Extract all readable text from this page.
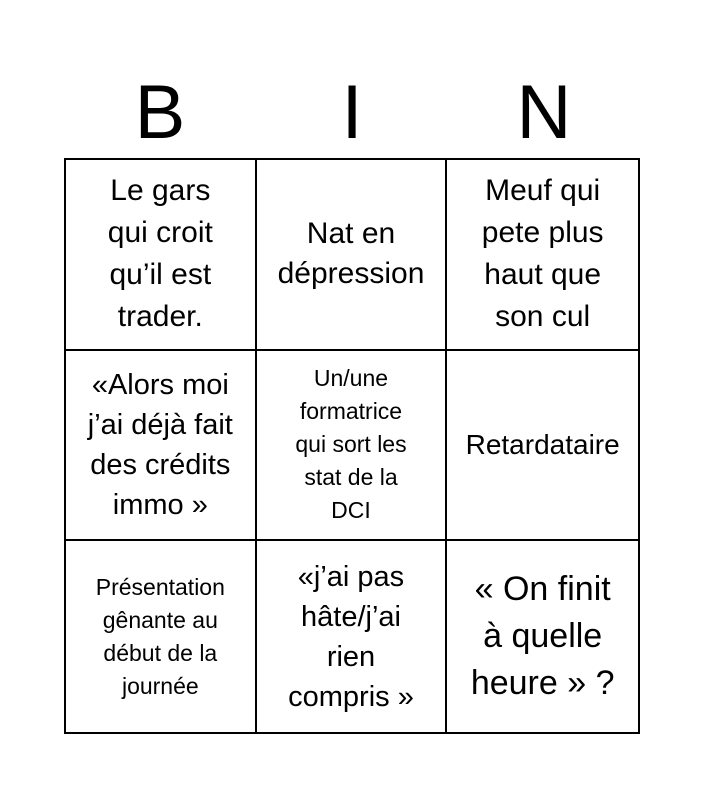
B	I	N
Le gars
qui croit
qu’il est
trader.
Nat en
dépression
Meuf qui
pete plus
haut que
son cul
«Alors moi
j’ai déjà fait
des crédits
immo »
Un/une
formatrice
qui sort les
stat de la
DCI
Retardataire
Présentation
gênante au
début de la
journée
«j’ai pas
hâte/j’ai
rien
compris »
« On finit
à quelle
heure » ?
